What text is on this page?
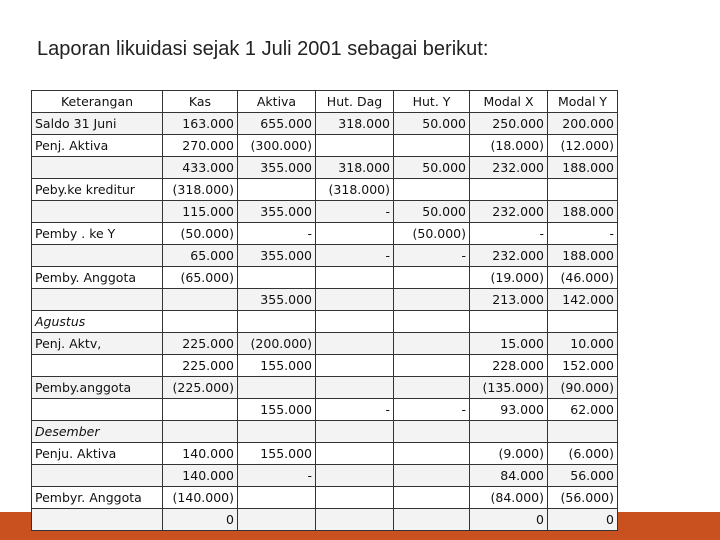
Laporan likuidasi sejak 1 Juli 2001 sebagai berikut:
Keterangan	Kas	Aktiva	Hut. Dag	Hut. Y	Modal X	Modal Y
Saldo 31 Juni	163.000	655.000	318.000	50.000	250.000	200.000
Penj. Aktiva	270.000	(300.000)			(18.000)	(12.000)
	433.000	355.000	318.000	50.000	232.000	188.000
Peby.ke kreditur	(318.000)		(318.000)			
	115.000	355.000	-	50.000	232.000	188.000
Pemby . ke Y	(50.000)	-		(50.000)	-	-
	65.000	355.000	-	-	232.000	188.000
Pemby. Anggota	(65.000)				(19.000)	(46.000)
		355.000			213.000	142.000
Agustus						
Penj. Aktv,	225.000	(200.000)			15.000	10.000
	225.000	155.000			228.000	152.000
Pemby.anggota	(225.000)				(135.000)	(90.000)
		155.000	-	-	93.000	62.000
Desember						
Penju. Aktiva	140.000	155.000			(9.000)	(6.000)
	140.000	-			84.000	56.000
Pembyr. Anggota	(140.000)				(84.000)	(56.000)
	0				0	0
